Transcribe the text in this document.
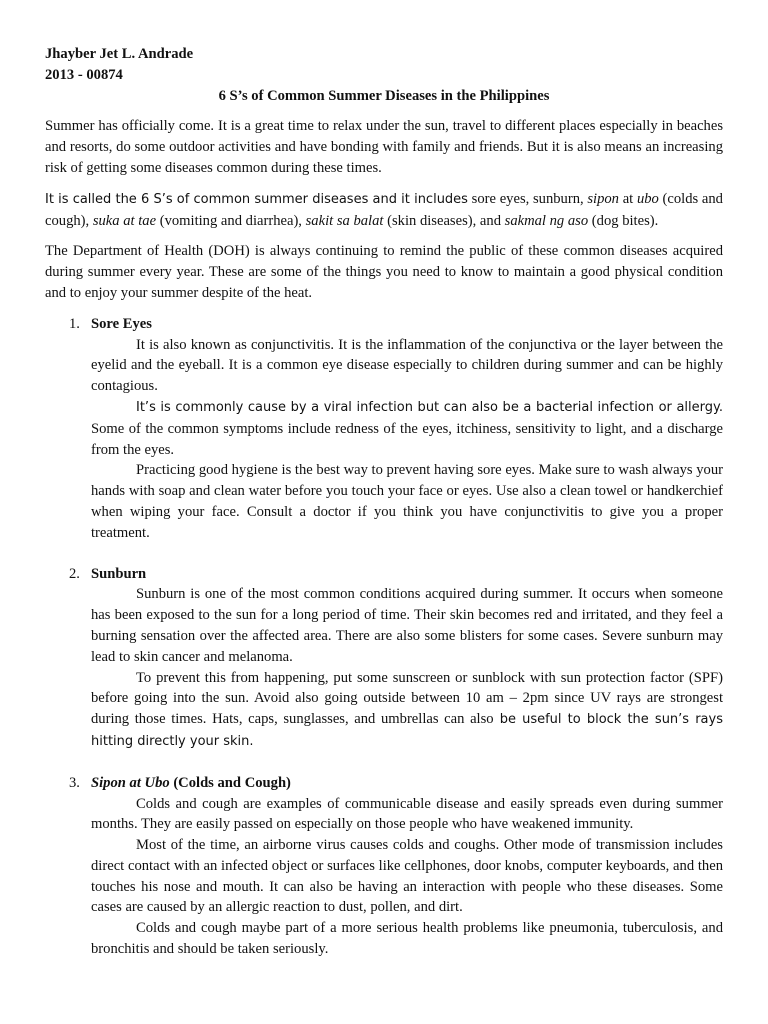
Jhayber Jet L. Andrade

2013 - 00874

6 S’s of Common Summer Diseases in the Philippines

Summer has officially come. It is a great time to relax under the sun, travel to different places especially in beaches and resorts, do some outdoor activities and have bonding with family and friends. But it is also means an increasing risk of getting some diseases common during these times.

It is called the 6 S’s of common summer diseases and it includes sore eyes, sunburn, sipon at ubo (colds and cough), suka at tae (vomiting and diarrhea), sakit sa balat (skin diseases), and sakmal ng aso (dog bites).

The Department of Health (DOH) is always continuing to remind the public of these common diseases acquired during summer every year. These are some of the things you need to know to maintain a good physical condition and to enjoy your summer despite of the heat.

1. Sore Eyes

It is also known as conjunctivitis. It is the inflammation of the conjunctiva or the layer between the eyelid and the eyeball. It is a common eye disease especially to children during summer and can be highly contagious.

It’s is commonly cause by a viral infection but can also be a bacterial infection or allergy. Some of the common symptoms include redness of the eyes, itchiness, sensitivity to light, and a discharge from the eyes.

Practicing good hygiene is the best way to prevent having sore eyes. Make sure to wash always your hands with soap and clean water before you touch your face or eyes. Use also a clean towel or handkerchief when wiping your face. Consult a doctor if you think you have conjunctivitis to give you a proper treatment.

2. Sunburn

Sunburn is one of the most common conditions acquired during summer. It occurs when someone has been exposed to the sun for a long period of time. Their skin becomes red and irritated, and they feel a burning sensation over the affected area. There are also some blisters for some cases. Severe sunburn may lead to skin cancer and melanoma.

To prevent this from happening, put some sunscreen or sunblock with sun protection factor (SPF) before going into the sun. Avoid also going outside between 10 am – 2pm since UV rays are strongest during those times. Hats, caps, sunglasses, and umbrellas can also be useful to block the sun’s rays hitting directly your skin.

3. Sipon at Ubo (Colds and Cough)

Colds and cough are examples of communicable disease and easily spreads even during summer months. They are easily passed on especially on those people who have weakened immunity.

Most of the time, an airborne virus causes colds and coughs. Other mode of transmission includes direct contact with an infected object or surfaces like cellphones, door knobs, computer keyboards, and then touches his nose and mouth. It can also be having an interaction with people who these diseases. Some cases are caused by an allergic reaction to dust, pollen, and dirt.

Colds and cough maybe part of a more serious health problems like pneumonia, tuberculosis, and bronchitis and should be taken seriously.
